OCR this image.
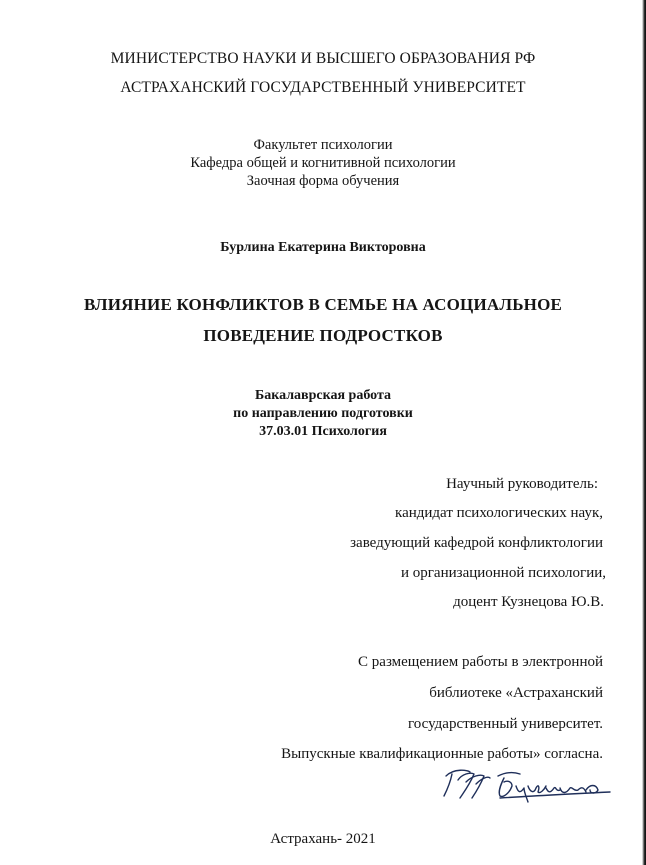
МИНИСТЕРСТВО НАУКИ И ВЫСШЕГО ОБРАЗОВАНИЯ РФ
АСТРАХАНСКИЙ ГОСУДАРСТВЕННЫЙ УНИВЕРСИТЕТ
Факультет психологии
Кафедра общей и когнитивной психологии
Заочная форма обучения
Бурлина Екатерина Викторовна
ВЛИЯНИЕ КОНФЛИКТОВ В СЕМЬЕ НА АСОЦИАЛЬНОЕ
ПОВЕДЕНИЕ ПОДРОСТКОВ
Бакалаврская работа
по направлению подготовки
37.03.01 Психология
Научный руководитель:
кандидат психологических наук,
заведующий кафедрой конфликтологии
и организационной психологии,
доцент Кузнецова Ю.В.
С размещением работы в электронной
библиотеке «Астраханский
государственный университет.
Выпускные квалификационные работы» согласна.
Астрахань- 2021
